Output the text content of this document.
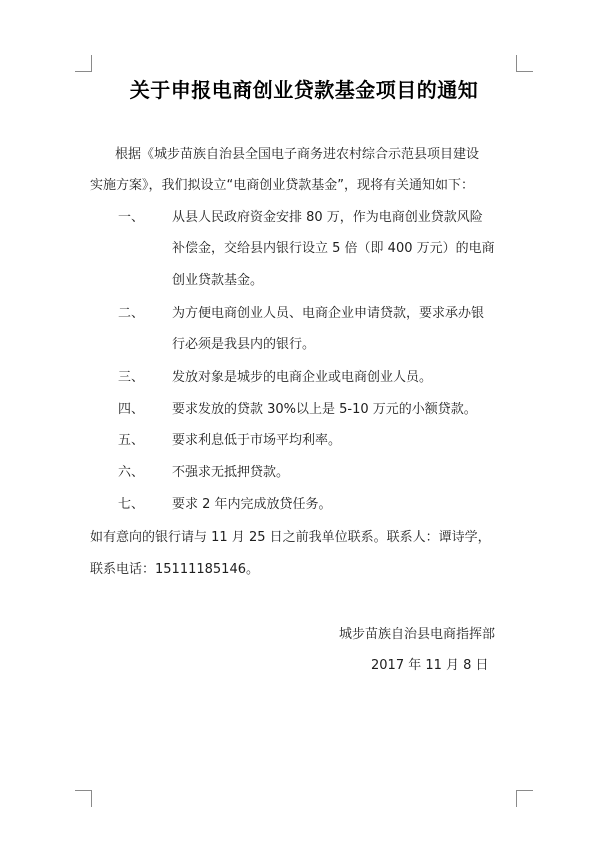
关于申报电商创业贷款基金项目的通知
根据《城步苗族自治县全国电子商务进农村综合示范县项目建设
实施方案》，我们拟设立“电商创业贷款基金”，现将有关通知如下：
一、 从县人民政府资金安排 80 万，作为电商创业贷款风险
补偿金，交给县内银行设立 5 倍（即 400 万元）的电商
创业贷款基金。
二、 为方便电商创业人员、电商企业申请贷款，要求承办银
行必须是我县内的银行。
三、 发放对象是城步的电商企业或电商创业人员。
四、 要求发放的贷款 30%以上是 5-10 万元的小额贷款。
五、 要求利息低于市场平均利率。
六、 不强求无抵押贷款。
七、 要求 2 年内完成放贷任务。
如有意向的银行请与 11 月 25 日之前我单位联系。联系人：谭诗学，
联系电话：15111185146。
城步苗族自治县电商指挥部
2017 年 11 月 8 日
